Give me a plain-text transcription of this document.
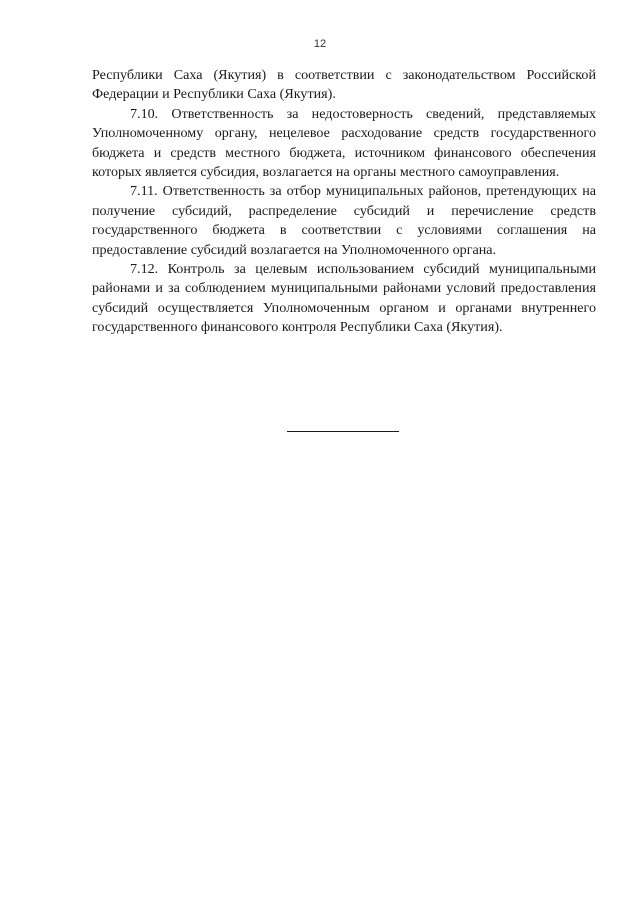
12

Республики Саха (Якутия) в соответствии с законодательством Российской Федерации и Республики Саха (Якутия).

7.10. Ответственность за недостоверность сведений, представляемых Уполномоченному органу, нецелевое расходование средств государственного бюджета и средств местного бюджета, источником финансового обеспечения которых является субсидия, возлагается на органы местного самоуправления.

7.11. Ответственность за отбор муниципальных районов, претендующих на получение субсидий, распределение субсидий и перечисление средств государственного бюджета в соответствии с условиями соглашения на предоставление субсидий возлагается на Уполномоченного органа.

7.12. Контроль за целевым использованием субсидий муниципальными районами и за соблюдением муниципальными районами условий предоставления субсидий осуществляется Уполномоченным органом и органами внутреннего государственного финансового контроля Республики Саха (Якутия).
